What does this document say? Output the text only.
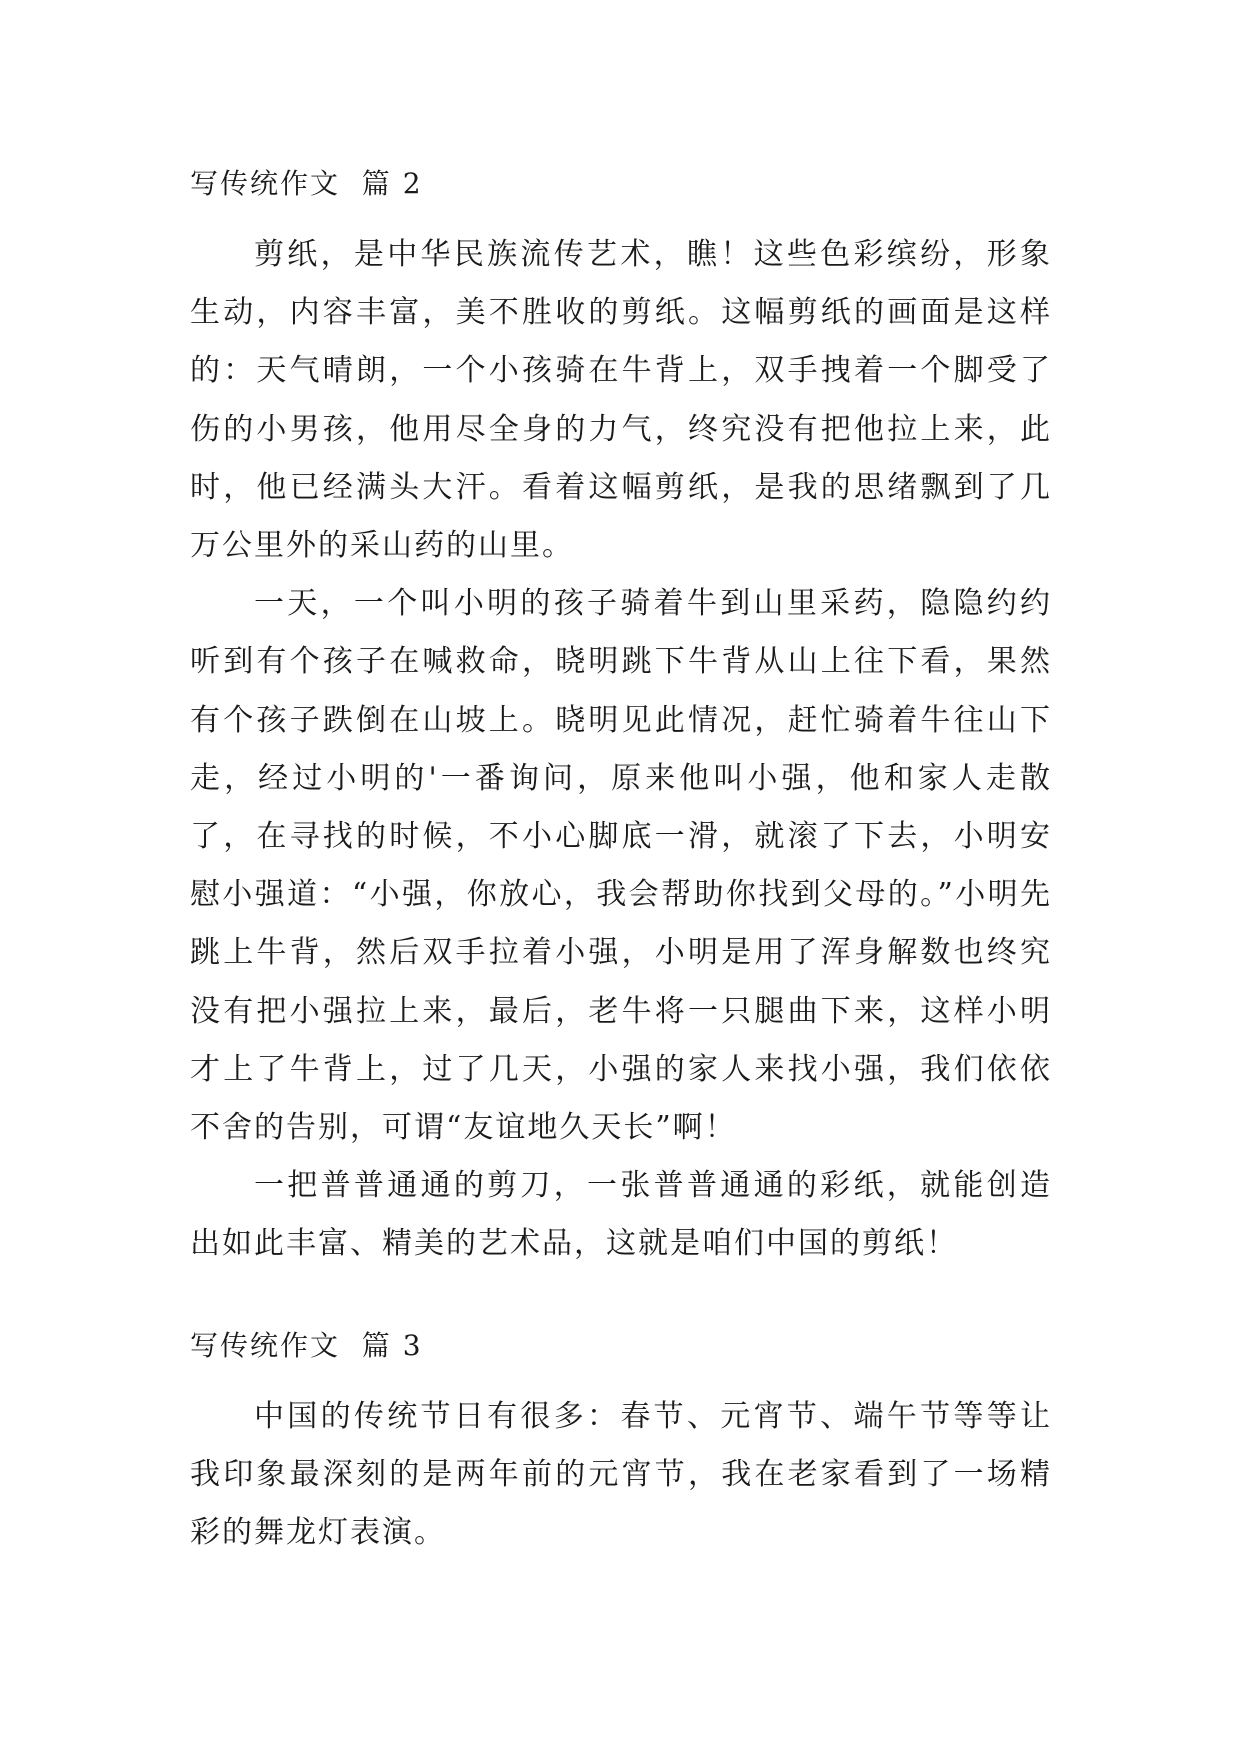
写传统作文  篇 2

剪纸，是中华民族流传艺术，瞧！这些色彩缤纷，形象生动，内容丰富，美不胜收的剪纸。这幅剪纸的画面是这样的：天气晴朗，一个小孩骑在牛背上，双手拽着一个脚受了伤的小男孩，他用尽全身的力气，终究没有把他拉上来，此时，他已经满头大汗。看着这幅剪纸，是我的思绪飘到了几万公里外的采山药的山里。

一天，一个叫小明的孩子骑着牛到山里采药，隐隐约约听到有个孩子在喊救命，晓明跳下牛背从山上往下看，果然有个孩子跌倒在山坡上。晓明见此情况，赶忙骑着牛往山下走，经过小明的'一番询问，原来他叫小强，他和家人走散了，在寻找的时候，不小心脚底一滑，就滚了下去，小明安慰小强道：“小强，你放心，我会帮助你找到父母的。”小明先跳上牛背，然后双手拉着小强，小明是用了浑身解数也终究没有把小强拉上来，最后，老牛将一只腿曲下来，这样小明才上了牛背上，过了几天，小强的家人来找小强，我们依依不舍的告别，可谓“友谊地久天长”啊！

一把普普通通的剪刀，一张普普通通的彩纸，就能创造出如此丰富、精美的艺术品，这就是咱们中国的剪纸！

写传统作文  篇 3

中国的传统节日有很多：春节、元宵节、端午节等等让我印象最深刻的是两年前的元宵节，我在老家看到了一场精彩的舞龙灯表演。
